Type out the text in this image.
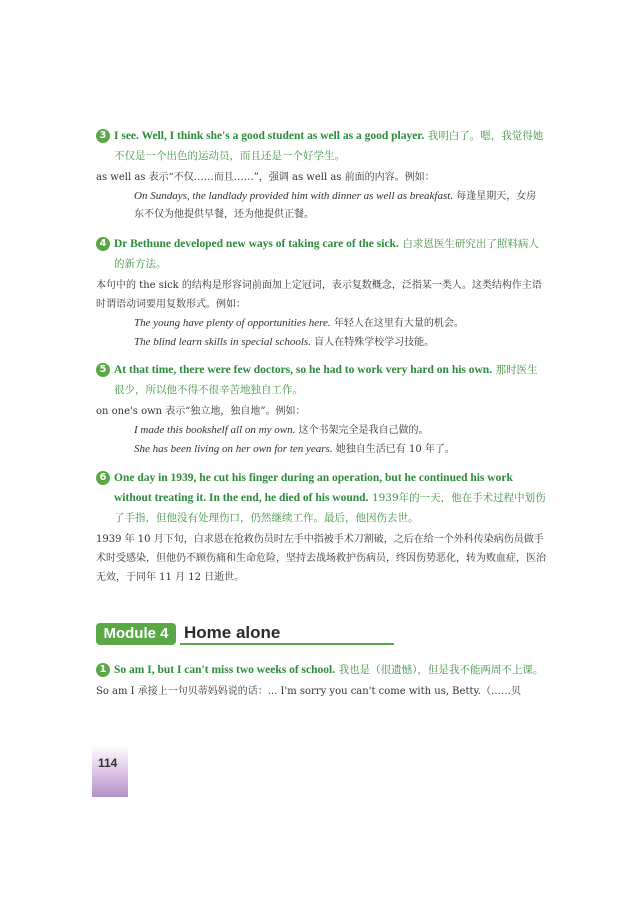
3 I see. Well, I think she's a good student as well as a good player. 我明白了。嗯，我觉得她不仅是一个出色的运动员，而且还是一个好学生。
as well as 表示“不仅……而且……”，强调 as well as 前面的内容。例如：
On Sundays, the landlady provided him with dinner as well as breakfast. 每逢星期天，女房东不仅为他提供早餐，还为他提供正餐。
4 Dr Bethune developed new ways of taking care of the sick. 白求恩医生研究出了照料病人的新方法。
本句中的 the sick 的结构是形容词前面加上定冠词，表示复数概念，泛指某一类人。这类结构作主语时谓语动词要用复数形式。例如：
The young have plenty of opportunities here. 年轻人在这里有大量的机会。
The blind learn skills in special schools. 盲人在特殊学校学习技能。
5 At that time, there were few doctors, so he had to work very hard on his own. 那时医生很少，所以他不得不很辛苦地独自工作。
on one's own 表示“独立地，独自地”。例如：
I made this bookshelf all on my own. 这个书架完全是我自己做的。
She has been living on her own for ten years. 她独自生活已有 10 年了。
6 One day in 1939, he cut his finger during an operation, but he continued his work without treating it. In the end, he died of his wound. 1939年的一天，他在手术过程中划伤了手指，但他没有处理伤口，仍然继续工作。最后，他因伤去世。
1939 年 10 月下旬，白求恩在抢救伤员时左手中指被手术刀割破，之后在给一个外科传染病伤员做手术时受感染，但他仍不顾伤痛和生命危险，坚持去战场救护伤病员，终因伤势恶化，转为败血症，医治无效，于同年 11 月 12 日逝世。
Module 4 Home alone
1 So am I, but I can't miss two weeks of school. 我也是（很遗憾），但是我不能两周不上课。
So am I 承接上一句贝蒂妈妈说的话：... I'm sorry you can't come with us, Betty.（……贝
114
